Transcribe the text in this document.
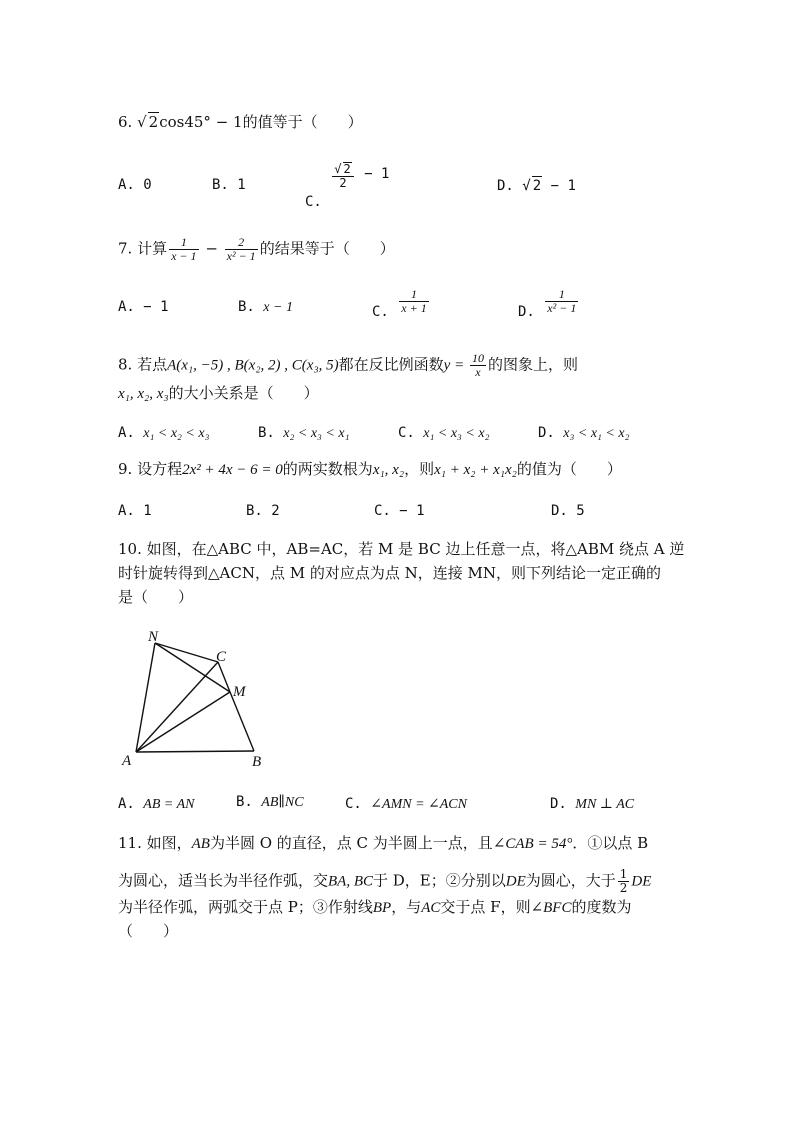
6. √ 2cos45° − 1的值等于（　　）
A. 0	B. 1
C.
$\frac{√ 2}{2} - 1$
D. √ 2 − 1
7. 计算 $\frac{1}{x - 1} - \frac{2}{\text{x² − 1}}$ 的结果等于（　　）
A. − 1	B. x − 1	C. $\frac{1}{x + 1}$	D. $\frac{1}{\text{x² − 1}}$
8. 若点A(x₁, −5) , B(x₂, 2) , C(x₃, 5)都在反比例函数$y = \frac{10}{x}$ 的图象上，则
x₁, x₂, x₃的大小关系是（　　）
A. x₁ < x₂ < x₃	B. x₂ < x₃ < x₁	C. x₁ < x₃ < x₂	D. x₃ < x₁ < x₂
9. 设方程2x² + 4x − 6 = 0的两实数根为x₁, x₂，则x₁ + x₂ + x₁x₂的值为（　　）
A. 1	B. 2	C. − 1	D. 5
10. 如图，在△ABC 中，AB=AC，若 M 是 BC 边上任意一点，将△ABM 绕点 A 逆
时针旋转得到△ACN，点 M 的对应点为点 N，连接 MN，则下列结论一定正确的
是（　　）
N
C
M
A	B
A. AB = AN	B. AB∥NC	C. ∠AMN = ∠ACN	D. MN ⊥ AC
11. 如图，AB为半圆 O 的直径，点 C 为半圆上一点，且∠CAB = 54°．①以点 B
为圆心，适当长为半径作弧，交BA, BC于 D，E；②分别以DE为圆心，大于 $\frac{1}{2}$ DE
为半径作弧，两弧交于点 P；③作射线BP，与AC交于点 F，则∠BFC的度数为
（　　）
